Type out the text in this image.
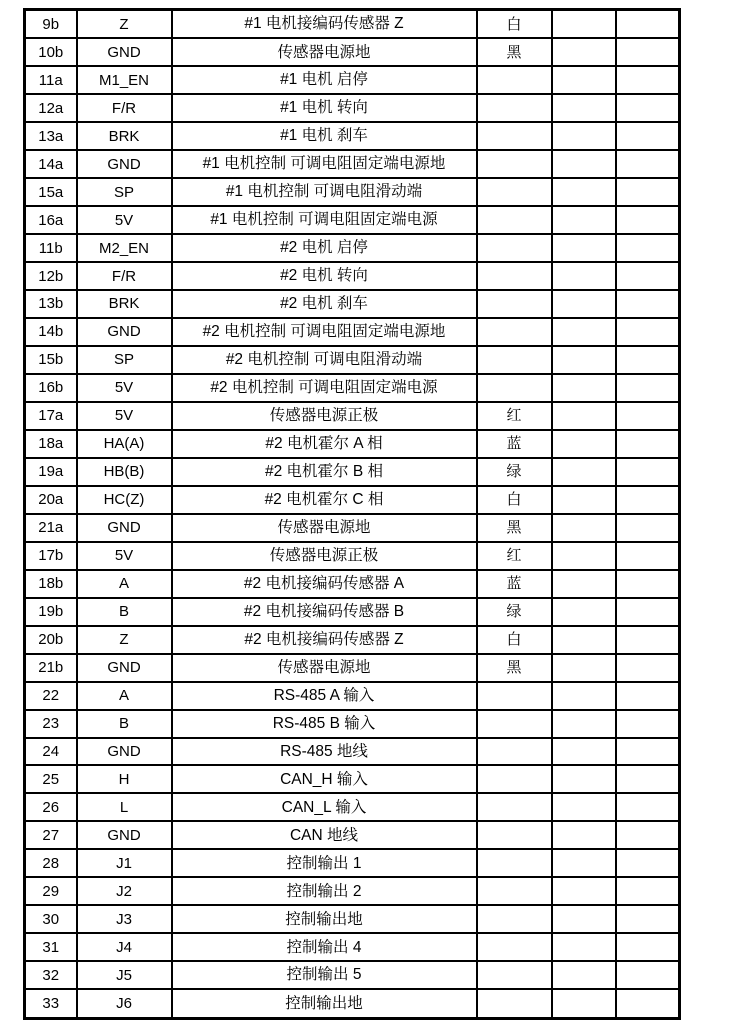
9b	Z	#1 电机接编码传感器 Z	白		
10b	GND	传感器电源地	黑		
11a	M1_EN	#1 电机 启停			
12a	F/R	#1 电机 转向			
13a	BRK	#1 电机 刹车			
14a	GND	#1 电机控制 可调电阻固定端电源地			
15a	SP	#1 电机控制 可调电阻滑动端			
16a	5V	#1 电机控制 可调电阻固定端电源			
11b	M2_EN	#2 电机 启停			
12b	F/R	#2 电机 转向			
13b	BRK	#2 电机 刹车			
14b	GND	#2 电机控制 可调电阻固定端电源地			
15b	SP	#2 电机控制 可调电阻滑动端			
16b	5V	#2 电机控制 可调电阻固定端电源			
17a	5V	传感器电源正极	红		
18a	HA(A)	#2 电机霍尔 A 相	蓝		
19a	HB(B)	#2 电机霍尔 B 相	绿		
20a	HC(Z)	#2 电机霍尔 C 相	白		
21a	GND	传感器电源地	黑		
17b	5V	传感器电源正极	红		
18b	A	#2 电机接编码传感器 A	蓝		
19b	B	#2 电机接编码传感器 B	绿		
20b	Z	#2 电机接编码传感器 Z	白		
21b	GND	传感器电源地	黑		
22	A	RS-485 A 输入			
23	B	RS-485 B 输入			
24	GND	RS-485 地线			
25	H	CAN_H 输入			
26	L	CAN_L 输入			
27	GND	CAN 地线			
28	J1	控制输出 1			
29	J2	控制输出 2			
30	J3	控制输出地			
31	J4	控制输出 4			
32	J5	控制输出 5			
33	J6	控制输出地			
